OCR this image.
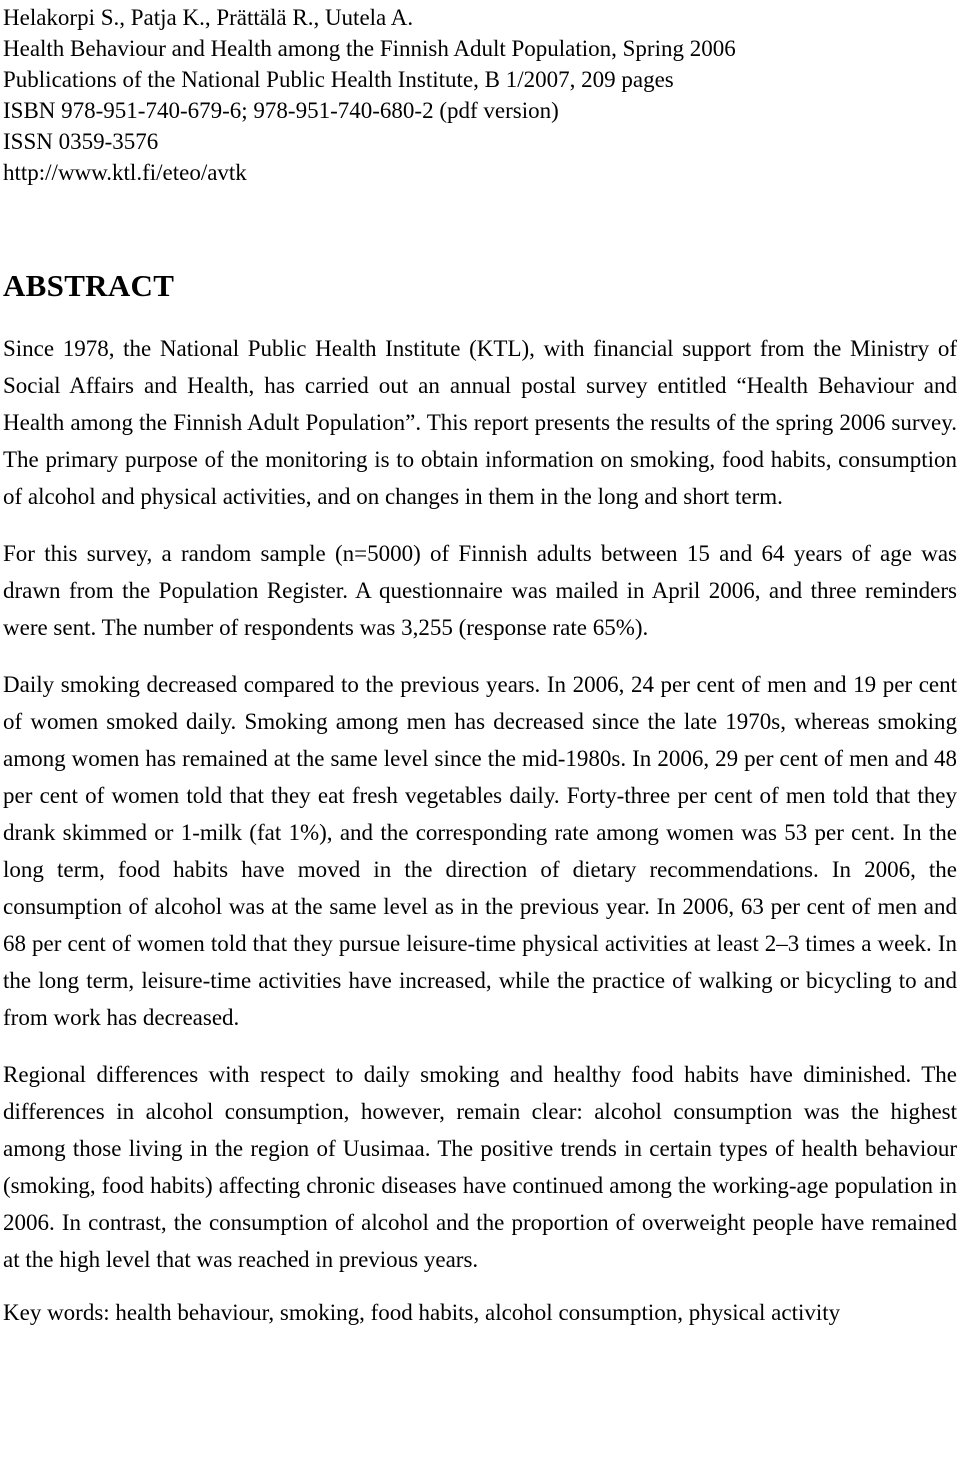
Helakorpi S., Patja K., Prättälä R., Uutela A.
Health Behaviour and Health among the Finnish Adult Population, Spring 2006
Publications of the National Public Health Institute, B 1/2007, 209 pages
ISBN 978-951-740-679-6; 978-951-740-680-2 (pdf version)
ISSN 0359-3576
http://www.ktl.fi/eteo/avtk
ABSTRACT

Since 1978, the National Public Health Institute (KTL), with financial support from the Ministry of Social Affairs and Health, has carried out an annual postal survey entitled “Health Behaviour and Health among the Finnish Adult Population”. This report presents the results of the spring 2006 survey. The primary purpose of the monitoring is to obtain information on smoking, food habits, consumption of alcohol and physical activities, and on changes in them in the long and short term.

For this survey, a random sample (n=5000) of Finnish adults between 15 and 64 years of age was drawn from the Population Register. A questionnaire was mailed in April 2006, and three reminders were sent. The number of respondents was 3,255 (response rate 65%).

Daily smoking decreased compared to the previous years. In 2006, 24 per cent of men and 19 per cent of women smoked daily. Smoking among men has decreased since the late 1970s, whereas smoking among women has remained at the same level since the mid-1980s. In 2006, 29 per cent of men and 48 per cent of women told that they eat fresh vegetables daily. Forty-three per cent of men told that they drank skimmed or 1-milk (fat 1%), and the corresponding rate among women was 53 per cent. In the long term, food habits have moved in the direction of dietary recommendations. In 2006, the consumption of alcohol was at the same level as in the previous year. In 2006, 63 per cent of men and 68 per cent of women told that they pursue leisure-time physical activities at least 2–3 times a week. In the long term, leisure-time activities have increased, while the practice of walking or bicycling to and from work has decreased.

Regional differences with respect to daily smoking and healthy food habits have diminished. The differences in alcohol consumption, however, remain clear: alcohol consumption was the highest among those living in the region of Uusimaa. The positive trends in certain types of health behaviour (smoking, food habits) affecting chronic diseases have continued among the working-age population in 2006. In contrast, the consumption of alcohol and the proportion of overweight people have remained at the high level that was reached in previous years.

Key words: health behaviour, smoking, food habits, alcohol consumption, physical activity
